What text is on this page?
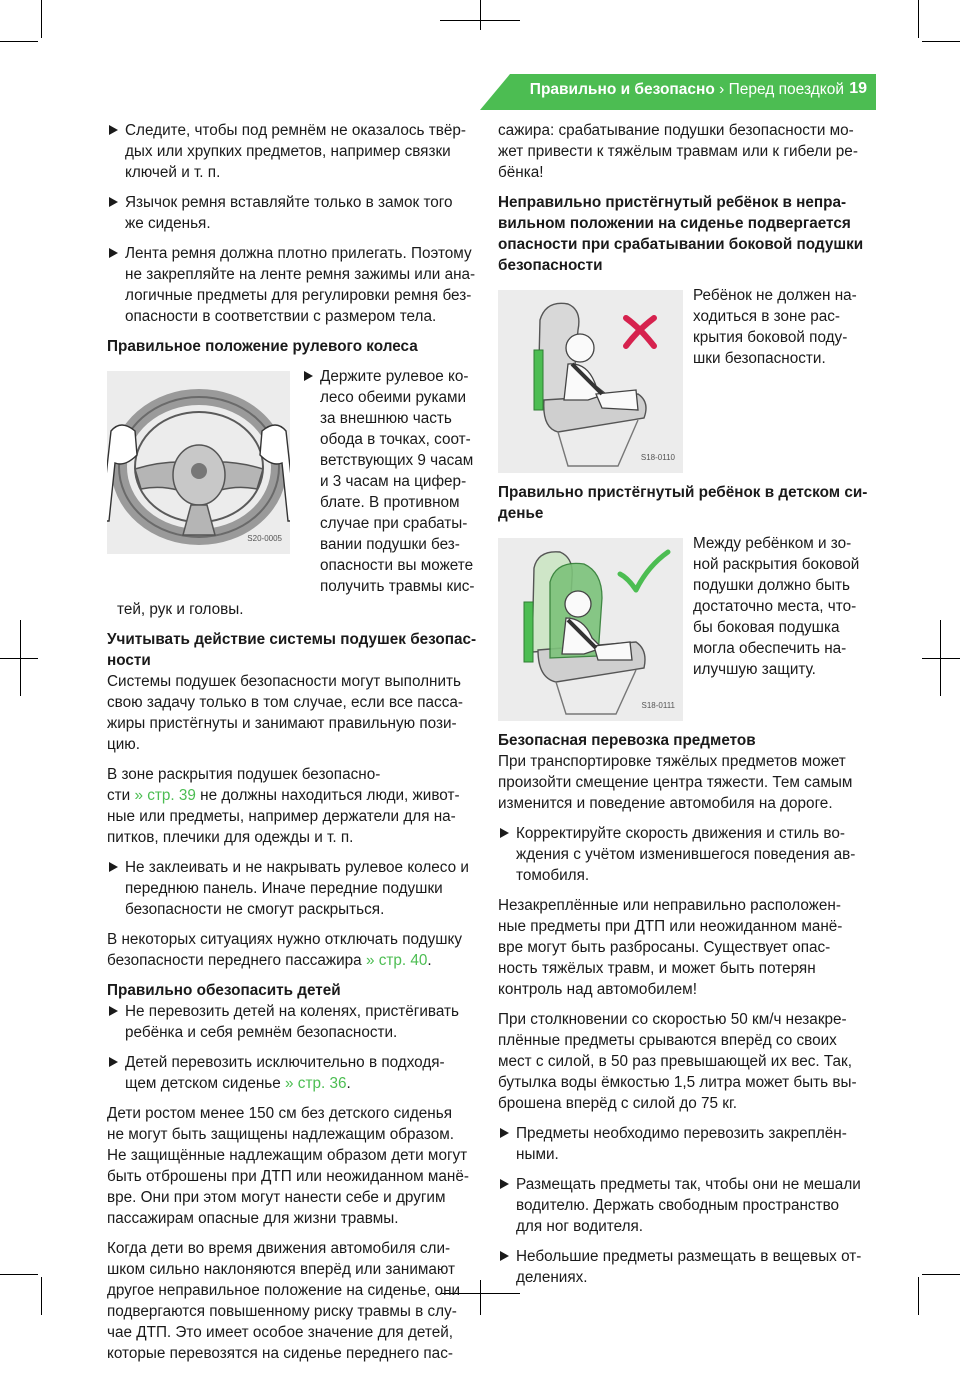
Правильно и безопасно › Перед поездкой 19
Следите, чтобы под ремнём не оказалось твёр-
дых или хрупких предметов, например связки
ключей и т. п.
Язычок ремня вставляйте только в замок того
же сиденья.
Лента ремня должна плотно прилегать. Поэтому
не закрепляйте на ленте ремня зажимы или ана-
логичные предметы для регулировки ремня без-
опасности в соответствии с размером тела.

Правильное положение рулевого колеса

S20-0005
Держите рулевое ко-
лесо обеими руками
за внешнюю часть
обода в точках, соот-
ветствующих 9 часам
и 3 часам на цифер-
блате. В противном
случае при срабаты-
вании подушки без-
опасности вы можете
получить травмы кис-

тей, рук и головы.

Учитывать действие системы подушек безопас-
ности

Системы подушек безопасности могут выполнить
свою задачу только в том случае, если все пасса-
жиры пристёгнуты и занимают правильную пози-
цию.

В зоне раскрытия подушек безопасно-
сти » стр. 39 не должны находиться люди, живот-
ные или предметы, например держатели для на-
питков, плечики для одежды и т. п.

Не заклеивать и не накрывать рулевое колесо и
переднюю панель. Иначе передние подушки
безопасности не смогут раскрыться.

В некоторых ситуациях нужно отключать подушку
безопасности переднего пассажира » стр. 40.

Правильно обезопасить детей

Не перевозить детей на коленях, пристёгивать
ребёнка и себя ремнём безопасности.
Детей перевозить исключительно в подходя-
щем детском сиденье » стр. 36.

Дети ростом менее 150 см без детского сиденья
не могут быть защищены надлежащим образом.
Не защищённые надлежащим образом дети могут
быть отброшены при ДТП или неожиданном манё-
вре. Они при этом могут нанести себе и другим
пассажирам опасные для жизни травмы.

Когда дети во время движения автомобиля сли-
шком сильно наклоняются вперёд или занимают
другое неправильное положение на сиденье, они
подвергаются повышенному риску травмы в слу-
чае ДТП. Это имеет особое значение для детей,
которые перевозятся на сиденье переднего пас-

сажира: срабатывание подушки безопасности мо-
жет привести к тяжёлым травмам или к гибели ре-
бёнка!

Неправильно пристёгнутый ребёнок в непра-
вильном положении на сиденье подвергается
опасности при срабатывании боковой подушки
безопасности

S18-0110

Ребёнок не должен на-
ходиться в зоне рас-
крытия боковой поду-
шки безопасности.

Правильно пристёгнутый ребёнок в детском си-
денье

S18-0111

Между ребёнком и зо-
ной раскрытия боковой
подушки должно быть
достаточно места, что-
бы боковая подушка
могла обеспечить на-
илучшую защиту.

Безопасная перевозка предметов

При транспортировке тяжёлых предметов может
произойти смещение центра тяжести. Тем самым
изменится и поведение автомобиля на дороге.

Корректируйте скорость движения и стиль во-
ждения с учётом изменившегося поведения ав-
томобиля.

Незакреплённые или неправильно расположен-
ные предметы при ДТП или неожиданном манё-
вре могут быть разбросаны. Существует опас-
ность тяжёлых травм, и может быть потерян
контроль над автомобилем!

При столкновении со скоростью 50 км/ч незакре-
плённые предметы срываются вперёд со своих
мест с силой, в 50 раз превышающей их вес. Так,
бутылка воды ёмкостью 1,5 литра может быть вы-
брошена вперёд с силой до 75 кг.

Предметы необходимо перевозить закреплён-
ными.
Размещать предметы так, чтобы они не мешали
водителю. Держать свободным пространство
для ног водителя.
Небольшие предметы размещать в вещевых от-
делениях.
